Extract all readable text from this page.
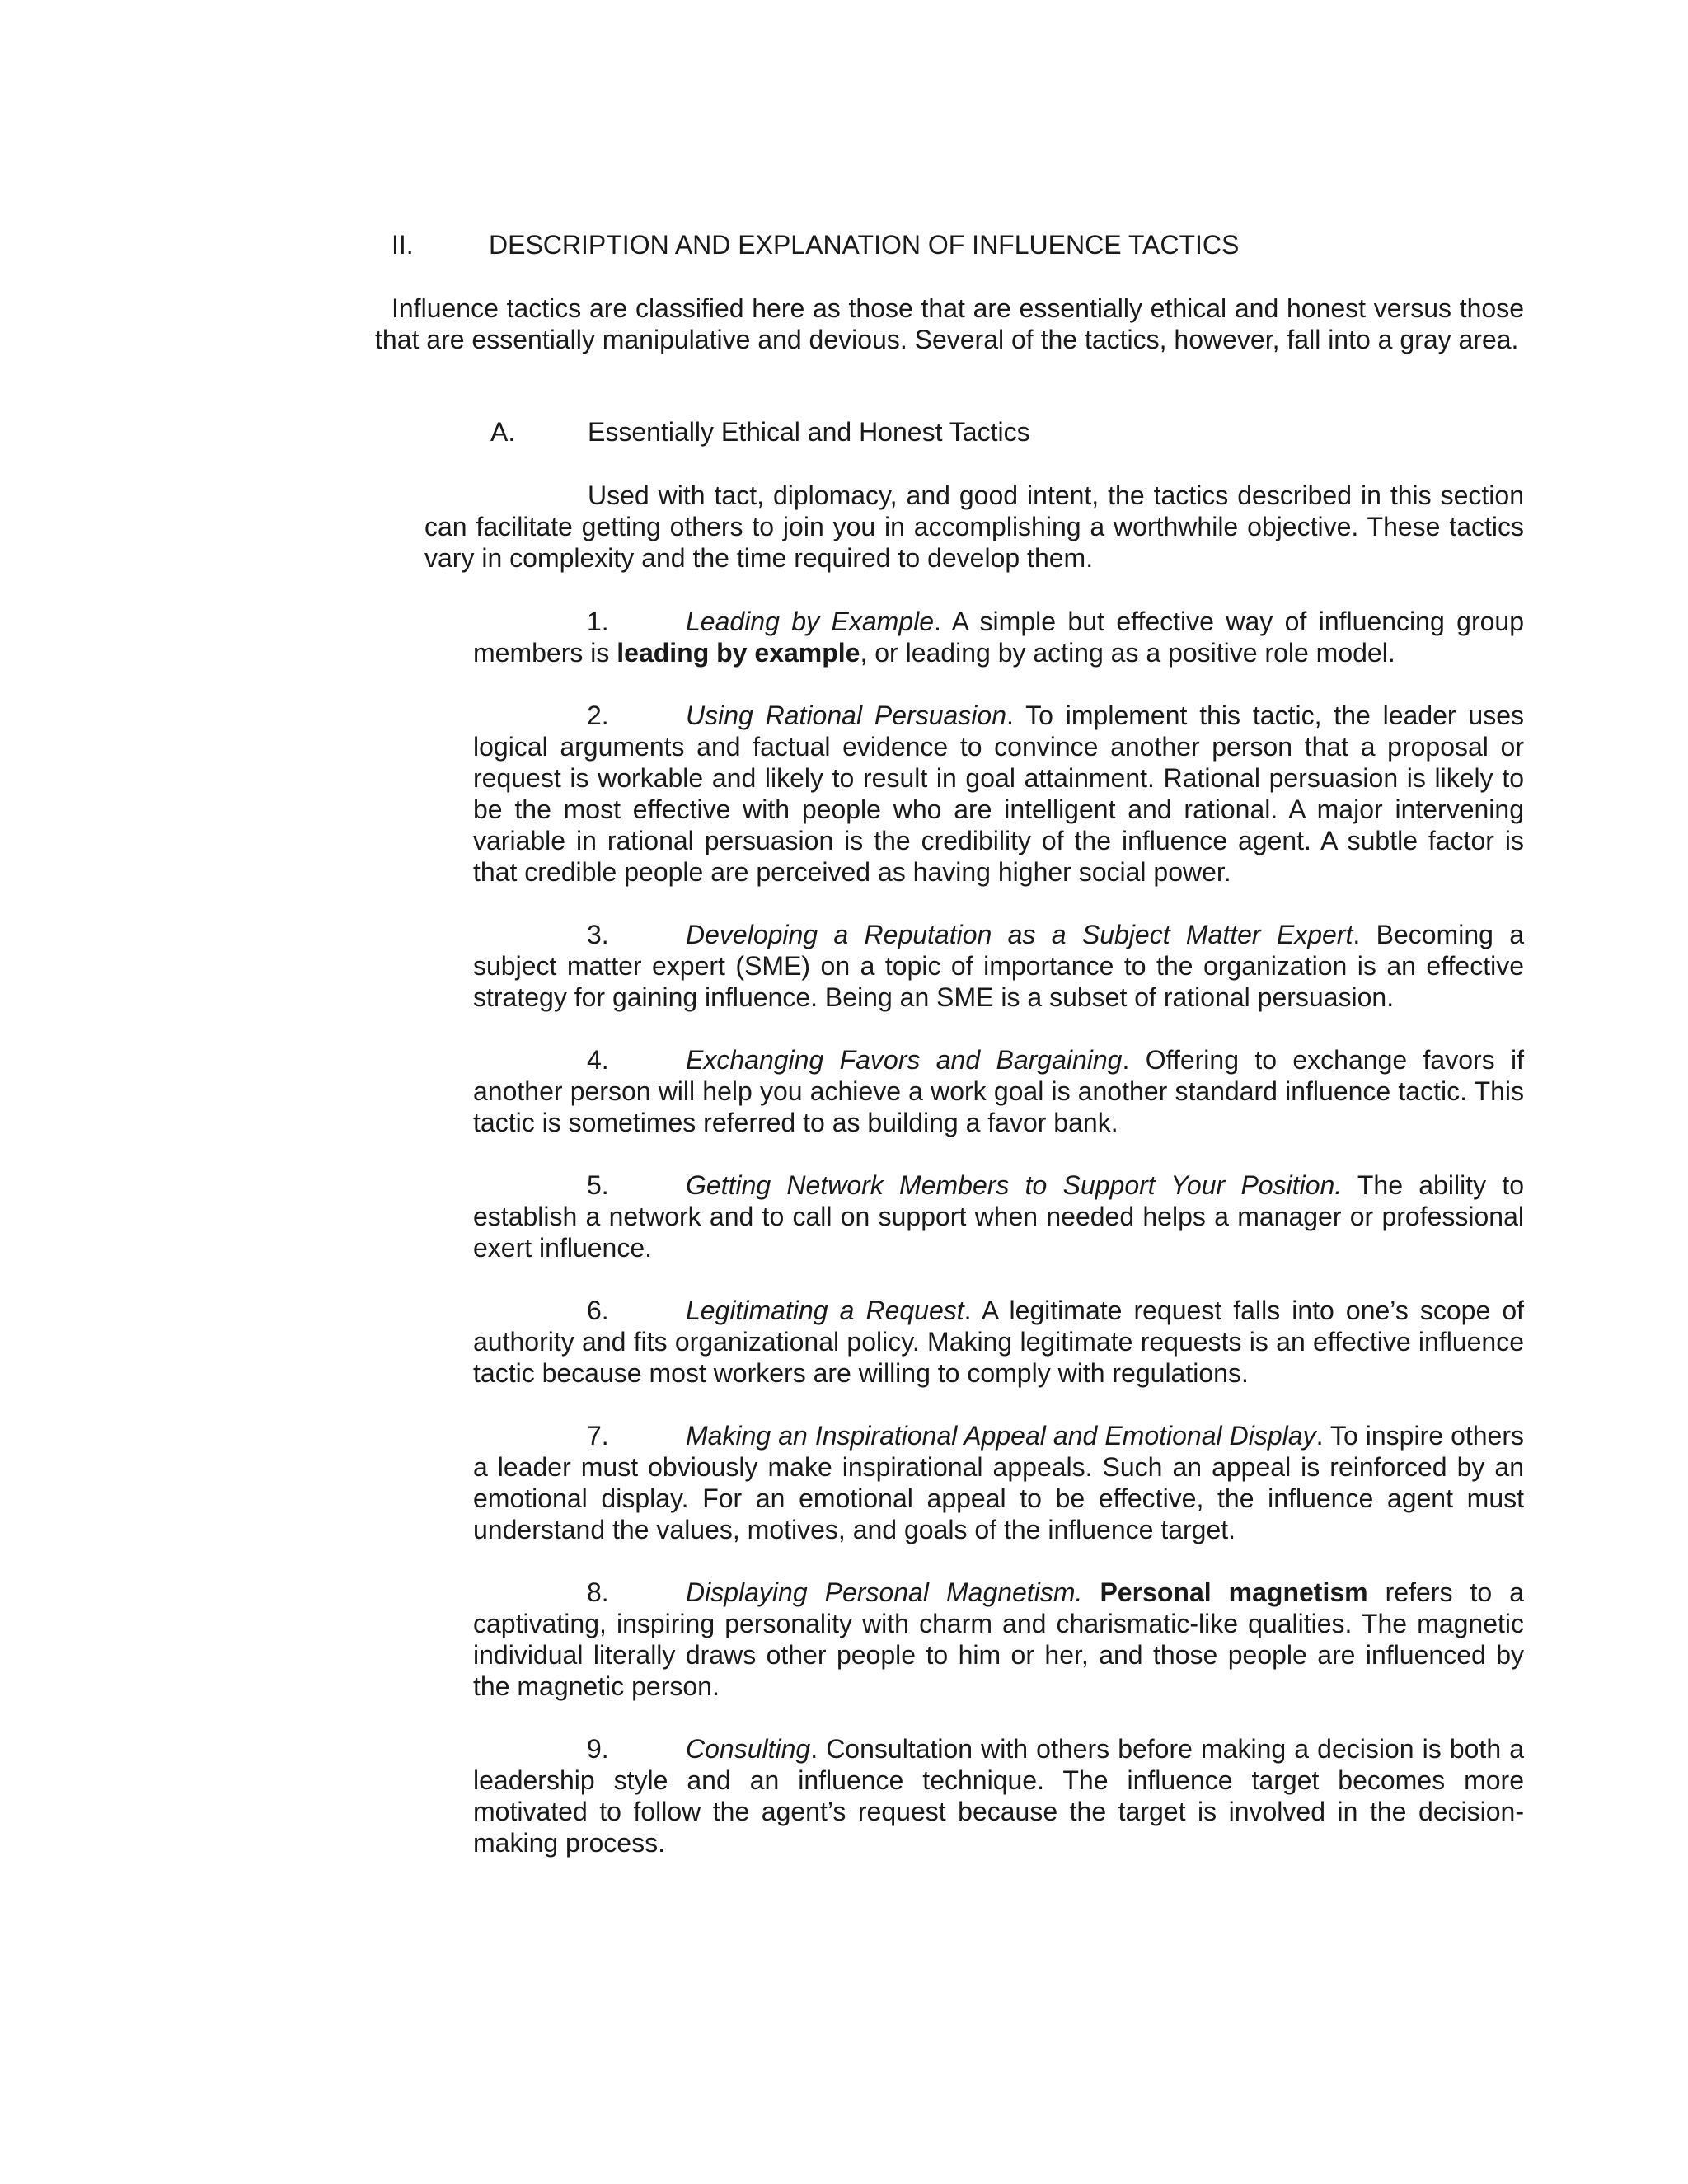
II.	DESCRIPTION AND EXPLANATION OF INFLUENCE TACTICS

Influence tactics are classified here as those that are essentially ethical and honest versus those that are essentially manipulative and devious. Several of the tactics, however, fall into a gray area.

A.	Essentially Ethical and Honest Tactics

Used with tact, diplomacy, and good intent, the tactics described in this section can facilitate getting others to join you in accomplishing a worthwhile objective. These tactics vary in complexity and the time required to develop them.

1.	Leading by Example. A simple but effective way of influencing group members is leading by example, or leading by acting as a positive role model.

2.	Using Rational Persuasion. To implement this tactic, the leader uses logical arguments and factual evidence to convince another person that a proposal or request is workable and likely to result in goal attainment. Rational persuasion is likely to be the most effective with people who are intelligent and rational. A major intervening variable in rational persuasion is the credibility of the influence agent. A subtle factor is that credible people are perceived as having higher social power.

3.	Developing a Reputation as a Subject Matter Expert. Becoming a subject matter expert (SME) on a topic of importance to the organization is an effective strategy for gaining influence. Being an SME is a subset of rational persuasion.

4.	Exchanging Favors and Bargaining. Offering to exchange favors if another person will help you achieve a work goal is another standard influence tactic. This tactic is sometimes referred to as building a favor bank.

5.	Getting Network Members to Support Your Position. The ability to establish a network and to call on support when needed helps a manager or professional exert influence.

6.	Legitimating a Request. A legitimate request falls into one’s scope of authority and fits organizational policy. Making legitimate requests is an effective influence tactic because most workers are willing to comply with regulations.

7.	Making an Inspirational Appeal and Emotional Display. To inspire others a leader must obviously make inspirational appeals. Such an appeal is reinforced by an emotional display. For an emotional appeal to be effective, the influence agent must understand the values, motives, and goals of the influence target.

8.	Displaying Personal Magnetism. Personal magnetism refers to a captivating, inspiring personality with charm and charismatic-like qualities. The magnetic individual literally draws other people to him or her, and those people are influenced by the magnetic person.

9.	Consulting. Consultation with others before making a decision is both a leadership style and an influence technique. The influence target becomes more motivated to follow the agent’s request because the target is involved in the decision-making process.
